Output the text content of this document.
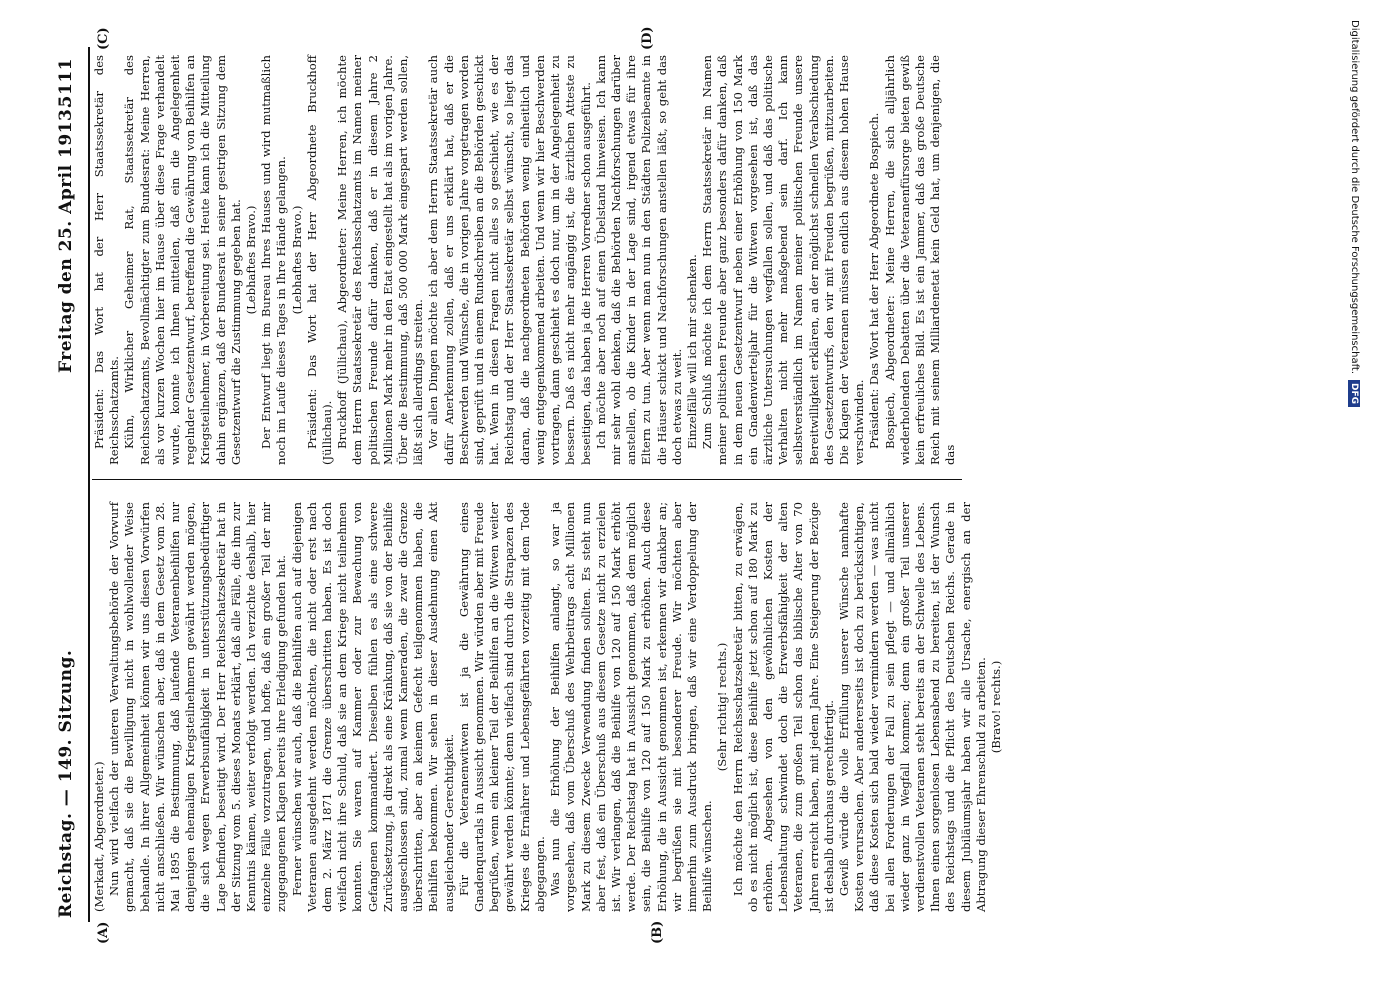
Reichstag. — 149. Sitzung.
Freitag den 25. April 1913.
5111
(A)	(B)
(C)	(D)

(Merkadt, Abgeordneter.) Nun wird vielfach der unteren Verwaltungsbehörde der Vorwurf gemacht, daß sie die Bewilligung nicht in wohlwollender Weise behandle. In ihrer Allgemeinheit können wir uns diesen Vorwürfen nicht anschließen. Wir wünschen aber, daß in dem Gesetz vom 28. Mai 1895 die Bestimmung, daß laufende Veteranenbeihilfen nur denjenigen ehemaligen Kriegsteilnehmern gewährt werden mögen, die sich wegen Erwerbsunfähigkeit in unterstützungsbedürftiger Lage befinden, beseitigt wird. Der Herr Reichsschatzsekretär hat in der Sitzung vom 5. dieses Monats erklärt, daß alle Fälle, die ihm zur Kenntnis kämen, weiter verfolgt werden. Ich verzichte deshalb, hier einzelne Fälle vorzutragen, und hoffe, daß ein großer Teil der mir zugegangenen Klagen bereits ihre Erledigung gefunden hat. Ferner wünschen wir auch, daß die Beihilfen auch auf diejenigen Veteranen ausgedehnt werden möchten, die nicht oder erst nach dem 2. März 1871 die Grenze überschritten haben. Es ist doch vielfach nicht ihre Schuld, daß sie an dem Kriege nicht teilnehmen konnten. Sie waren auf Kammer oder zur Bewachung von Gefangenen kommandiert. Dieselben fühlen es als eine schwere Zurücksetzung, ja direkt als eine Kränkung, daß sie von der Beihilfe ausgeschlossen sind, zumal wenn Kameraden, die zwar die Grenze überschritten, aber an keinem Gefecht teilgenommen haben, die Beihilfen bekommen. Wir sehen in dieser Ausdehnung einen Akt ausgleichender Gerechtigkeit. Für die Veteranenwitwen ist ja die Gewährung eines Gnadenquartals in Aussicht genommen. Wir würden aber mit Freude begrüßen, wenn ein kleiner Teil der Beihilfen an die Witwen weiter gewährt werden könnte; denn vielfach sind durch die Strapazen des Krieges die Ernährer und Lebensgefährten vorzeitig mit dem Tode abgegangen. Was nun die Erhöhung der Beihilfen anlangt, so war ja vorgesehen, daß vom Überschuß des Wehrbeitrags acht Millionen Mark zu diesem Zwecke Verwendung finden sollten. Es steht nun aber fest, daß ein Überschuß aus diesem Gesetze nicht zu erzielen ist. Wir verlangen, daß die Beihilfe von 120 auf 150 Mark erhöht werde. Der Reichstag hat in Aussicht genommen, daß dem möglich sein, die Beihilfe von 120 auf 150 Mark zu erhöhen. Auch diese Erhöhung, die in Aussicht genommen ist, erkennen wir dankbar an; wir begrüßen sie mit besonderer Freude. Wir möchten aber immerhin zum Ausdruck bringen, daß wir eine Verdoppelung der Beihilfe wünschen.

(Sehr richtig! rechts.) Ich möchte den Herrn Reichsschatzsekretär bitten, zu erwägen, ob es nicht möglich ist, diese Beihilfe jetzt schon auf 180 Mark zu erhöhen. Abgesehen von den gewöhnlichen Kosten der Lebenshaltung schwindet doch die Erwerbsfähigkeit der alten Veteranen, die zum großen Teil schon das biblische Alter von 70 Jahren erreicht haben, mit jedem Jahre. Eine Steigerung der Bezüge ist deshalb durchaus gerechtfertigt. Gewiß würde die volle Erfüllung unserer Wünsche namhafte Kosten verursachen. Aber andererseits ist doch zu berücksichtigen, daß diese Kosten sich bald wieder vermindern werden — was nicht bei allen Forderungen der Fall zu sein pflegt — und allmählich wieder ganz in Wegfall kommen; denn ein großer Teil unserer verdienstvollen Veteranen steht bereits an der Schwelle des Lebens. Ihnen einen sorgenlosen Lebensabend zu bereiten, ist der Wunsch des Reichstags und die Pflicht des Deutschen Reichs. Gerade in diesem Jubiläumsjahr haben wir alle Ursache, energisch an der Abtragung dieser Ehrenschuld zu arbeiten. (Bravo! rechts.)

Präsident: Das Wort hat der Herr Staatssekretär des Reichsschatzamts. Kühn, Wirklicher Geheimer Rat, Staatssekretär des Reichsschatzamts, Bevollmächtigter zum Bundesrat: Meine Herren, als vor kurzen Wochen hier im Hause über diese Frage verhandelt wurde, konnte ich Ihnen mitteilen, daß ein die Angelegenheit regelnder Gesetzentwurf, betreffend die Gewährung von Beihilfen an Kriegsteilnehmer, in Vorbereitung sei. Heute kann ich die Mitteilung dahin ergänzen, daß der Bundesrat in seiner gestrigen Sitzung dem Gesetzentwurf die Zustimmung gegeben hat. (Lebhaftes Bravo.) Der Entwurf liegt im Bureau Ihres Hauses und wird mutmaßlich noch im Laufe dieses Tages in Ihre Hände gelangen. (Lebhaftes Bravo.) Präsident: Das Wort hat der Herr Abgeordnete Bruckhoff (Jüllichau). Bruckhoff (Jüllichau), Abgeordneter: Meine Herren, ich möchte dem Herrn Staatssekretär des Reichsschatzamts im Namen meiner politischen Freunde dafür danken, daß er in diesem Jahre 2 Millionen Mark mehr in den Etat eingestellt hat als im vorigen Jahre. Über die Bestimmung, daß 500 000 Mark eingespart werden sollen, läßt sich allerdings streiten. Vor allen Dingen möchte ich aber dem Herrn Staatssekretär auch dafür Anerkennung zollen, daß er uns erklärt hat, daß er die Beschwerden und Wünsche, die in vorigen Jahre vorgetragen worden sind, geprüft und in einem Rundschreiben an die Behörden geschickt hat. Wenn in diesen Fragen nicht alles so geschieht, wie es der Reichstag und der Herr Staatssekretär selbst wünscht, so liegt das daran, daß die nachgeordneten Behörden wenig einheitlich und wenig entgegenkommend arbeiten. Und wenn wir hier Beschwerden vortragen, dann geschieht es doch nur, um in der Angelegenheit zu bessern. Daß es nicht mehr angängig ist, die ärztlichen Atteste zu beseitigen, das haben ja die Herren Vorredner schon ausgeführt. Ich möchte aber noch auf einen Übelstand hinweisen. Ich kann mir sehr wohl denken, daß die Behörden Nachforschungen darüber anstellen, ob die Kinder in der Lage sind, irgend etwas für ihre Eltern zu tun. Aber wenn man nun in den Städten Polizeibeamte in die Häuser schickt und Nachforschungen anstellen läßt, so geht das doch etwas zu weit. Einzelfälle will ich mir schenken. Zum Schluß möchte ich dem Herrn Staatssekretär im Namen meiner politischen Freunde aber ganz besonders dafür danken, daß in dem neuen Gesetzentwurf neben einer Erhöhung von 150 Mark ein Gnadenvierteljahr für die Witwen vorgesehen ist, daß das ärztliche Untersuchungen wegfallen sollen, und daß das politische Verhalten nicht mehr maßgebend sein darf. Ich kann selbstverständlich im Namen meiner politischen Freunde unsere Bereitwilligkeit erklären, an der möglichst schnellen Verabschiedung des Gesetzentwurfs, den wir mit Freuden begrüßen, mitzuarbeiten. Die Klagen der Veteranen müssen endlich aus diesem hohen Hause verschwinden. Präsident: Das Wort hat der Herr Abgeordnete Bospiech. Bospiech, Abgeordneter: Meine Herren, die sich alljährlich wiederholenden Debatten über die Veteranenfürsorge bieten gewiß kein erfreuliches Bild. Es ist ein Jammer, daß das große Deutsche Reich mit seinem Milliardenetat kein Geld hat, um denjenigen, die das

Digitalisierung gefördert durch die Deutsche Forschungsgemeinschaft.DFG
